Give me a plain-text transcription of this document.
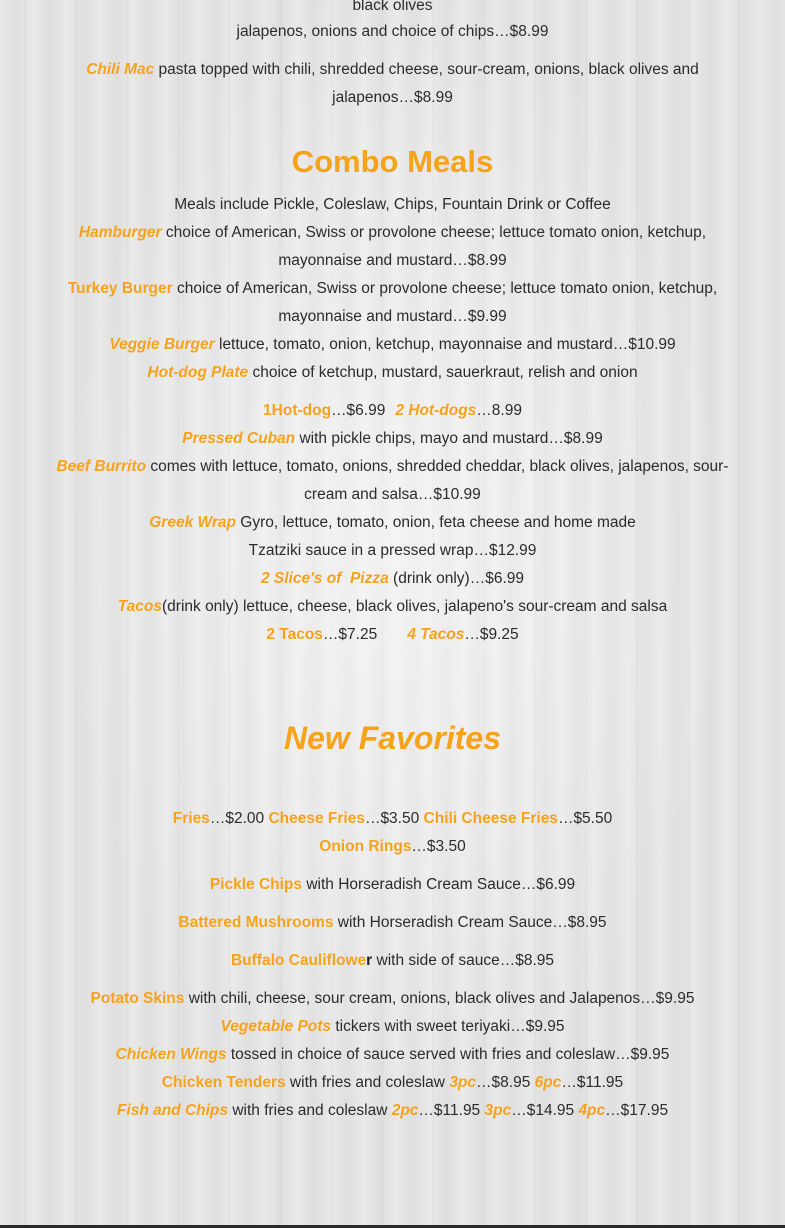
black olives
jalapenos, onions and choice of chips…$8.99
Chili Mac pasta topped with chili, shredded cheese, sour-cream, onions, black olives and
jalapenos…$8.99
Combo Meals
Meals include Pickle, Coleslaw, Chips, Fountain Drink or Coffee
Hamburger choice of American, Swiss or provolone cheese; lettuce tomato onion, ketchup,
mayonnaise and mustard…$8.99
Turkey Burger choice of American, Swiss or provolone cheese; lettuce tomato onion, ketchup,
mayonnaise and mustard…$9.99
Veggie Burger lettuce, tomato, onion, ketchup, mayonnaise and mustard…$10.99
Hot-dog Plate choice of ketchup, mustard, sauerkraut, relish and onion
1Hot-dog…$6.99 2 Hot-dogs…8.99
Pressed Cuban with pickle chips, mayo and mustard…$8.99
Beef Burrito comes with lettuce, tomato, onions, shredded cheddar, black olives, jalapenos, sour-
cream and salsa…$10.99
Greek Wrap Gyro, lettuce, tomato, onion, feta cheese and home made
Tzatziki sauce in a pressed wrap…$12.99
2 Slice's of  Pizza (drink only)…$6.99
Tacos(drink only) lettuce, cheese, black olives, jalapeno's sour-cream and salsa
2 Tacos…$7.25 4 Tacos…$9.25
New Favorites
Fries…$2.00 Cheese Fries…$3.50 Chili Cheese Fries…$5.50
Onion Rings…$3.50
Pickle Chips with Horseradish Cream Sauce…$6.99
Battered Mushrooms with Horseradish Cream Sauce…$8.95
Buffalo Cauliflower with side of sauce…$8.95
Potato Skins with chili, cheese, sour cream, onions, black olives and Jalapenos…$9.95
Vegetable Pots tickers with sweet teriyaki…$9.95
Chicken Wings tossed in choice of sauce served with fries and coleslaw…$9.95
Chicken Tenders with fries and coleslaw 3pc…$8.95 6pc…$11.95
Fish and Chips with fries and coleslaw 2pc…$11.95 3pc…$14.95 4pc…$17.95
